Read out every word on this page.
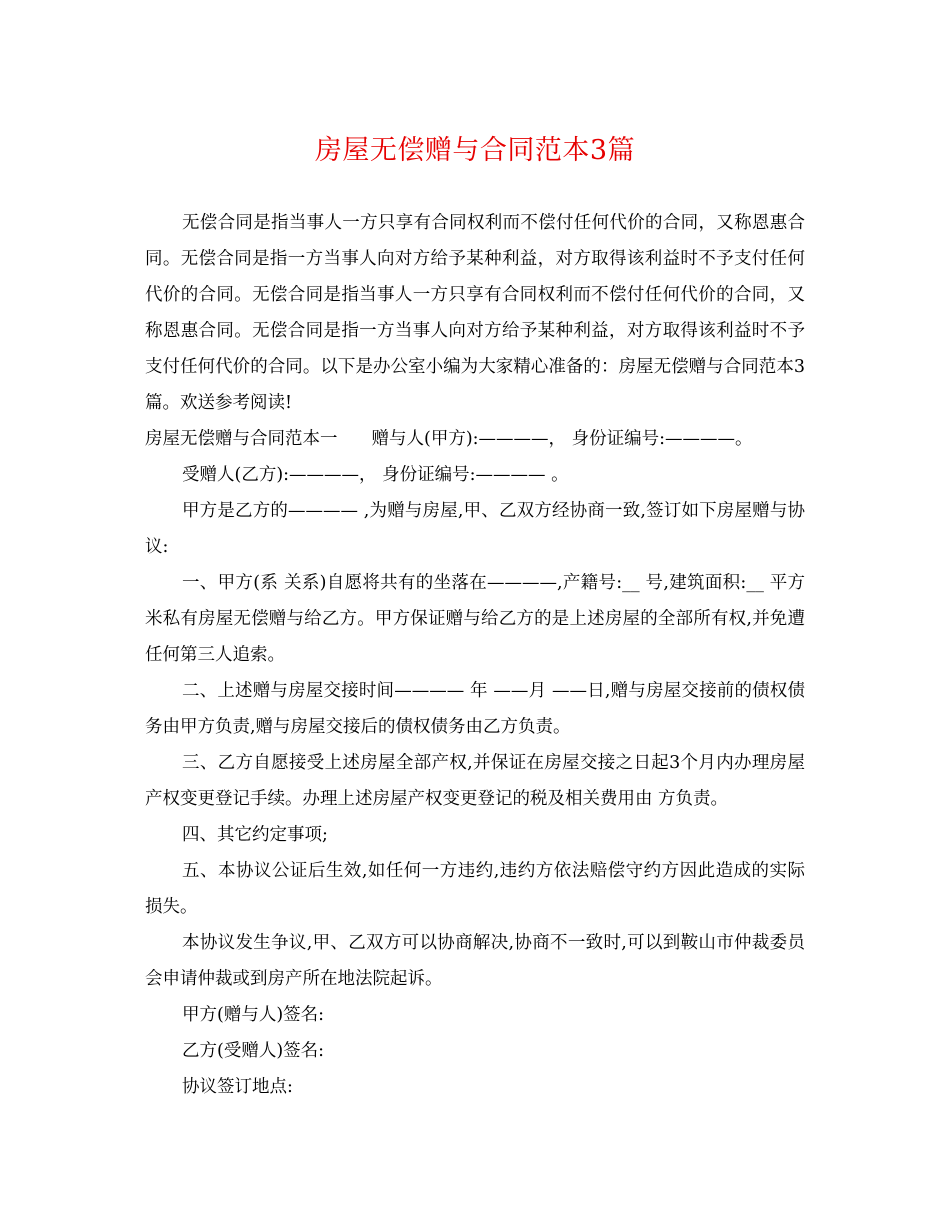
房屋无偿赠与合同范本3篇

无偿合同是指当事人一方只享有合同权利而不偿付任何代价的合同，又称恩惠合同。无偿合同是指一方当事人向对方给予某种利益，对方取得该利益时不予支付任何代价的合同。无偿合同是指当事人一方只享有合同权利而不偿付任何代价的合同，又称恩惠合同。无偿合同是指一方当事人向对方给予某种利益，对方取得该利益时不予支付任何代价的合同。以下是办公室小编为大家精心准备的：房屋无偿赠与合同范本3篇。欢送参考阅读!

房屋无偿赠与合同范本一 赠与人(甲方):————， 身份证编号:————。

受赠人(乙方):————， 身份证编号:———— 。

甲方是乙方的———— ,为赠与房屋,甲、乙双方经协商一致,签订如下房屋赠与协议:

一、甲方(系 关系)自愿将共有的坐落在————,产籍号:__ 号,建筑面积:__ 平方米私有房屋无偿赠与给乙方。甲方保证赠与给乙方的是上述房屋的全部所有权,并免遭任何第三人追索。

二、上述赠与房屋交接时间———— 年 ——月 ——日,赠与房屋交接前的债权债务由甲方负责,赠与房屋交接后的债权债务由乙方负责。

三、乙方自愿接受上述房屋全部产权,并保证在房屋交接之日起3个月内办理房屋产权变更登记手续。办理上述房屋产权变更登记的税及相关费用由 方负责。

四、其它约定事项;

五、本协议公证后生效,如任何一方违约,违约方依法赔偿守约方因此造成的实际损失。

本协议发生争议,甲、乙双方可以协商解决,协商不一致时,可以到鞍山市仲裁委员会申请仲裁或到房产所在地法院起诉。

甲方(赠与人)签名:

乙方(受赠人)签名:

协议签订地点:
